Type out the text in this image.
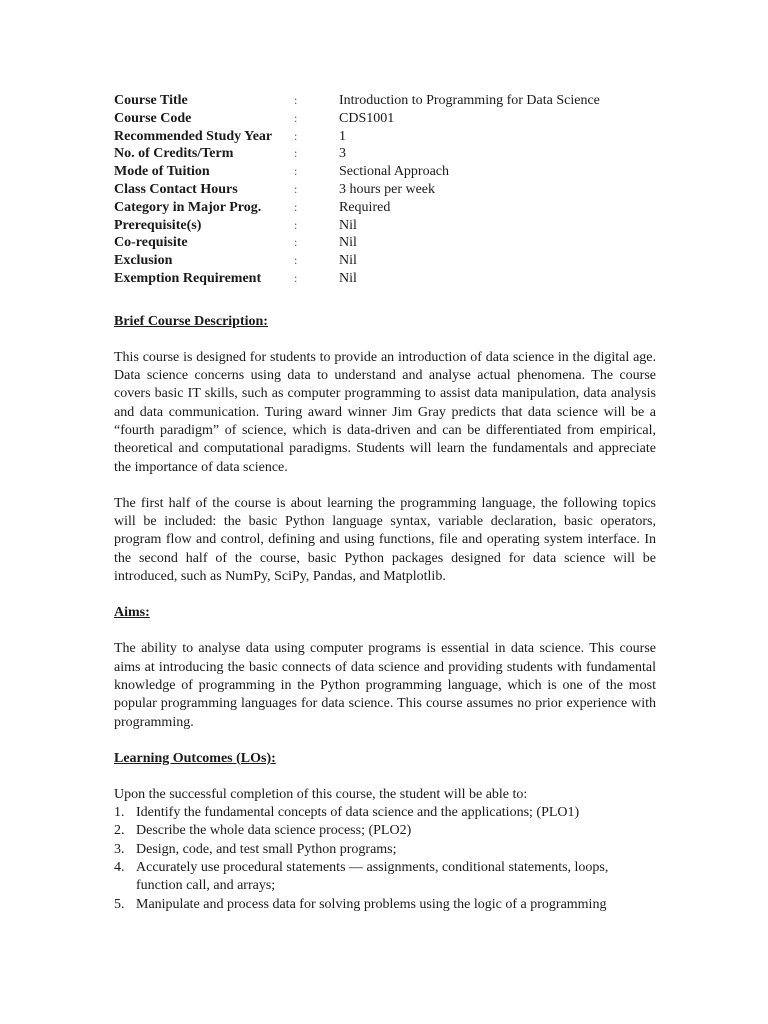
Course Title	:	Introduction to Programming for Data Science
Course Code	:	CDS1001
Recommended Study Year	:	1
No. of Credits/Term	:	3
Mode of Tuition	:	Sectional Approach
Class Contact Hours	:	3 hours per week
Category in Major Prog.	:	Required
Prerequisite(s)	:	Nil
Co-requisite	:	Nil
Exclusion	:	Nil
Exemption Requirement	:	Nil
Brief Course Description:

This course is designed for students to provide an introduction of data science in the digital age. Data science concerns using data to understand and analyse actual phenomena. The course covers basic IT skills, such as computer programming to assist data manipulation, data analysis and data communication. Turing award winner Jim Gray predicts that data science will be a “fourth paradigm” of science, which is data-driven and can be differentiated from empirical, theoretical and computational paradigms. Students will learn the fundamentals and appreciate the importance of data science.

The first half of the course is about learning the programming language, the following topics will be included: the basic Python language syntax, variable declaration, basic operators, program flow and control, defining and using functions, file and operating system interface. In the second half of the course, basic Python packages designed for data science will be introduced, such as NumPy, SciPy, Pandas, and Matplotlib.

Aims:

The ability to analyse data using computer programs is essential in data science. This course aims at introducing the basic connects of data science and providing students with fundamental knowledge of programming in the Python programming language, which is one of the most popular programming languages for data science. This course assumes no prior experience with programming.

Learning Outcomes (LOs):

Upon the successful completion of this course, the student will be able to:

1. Identify the fundamental concepts of data science and the applications; (PLO1)
2. Describe the whole data science process; (PLO2)
3. Design, code, and test small Python programs;
4. Accurately use procedural statements — assignments, conditional statements, loops, function call, and arrays;
5. Manipulate and process data for solving problems using the logic of a programming
